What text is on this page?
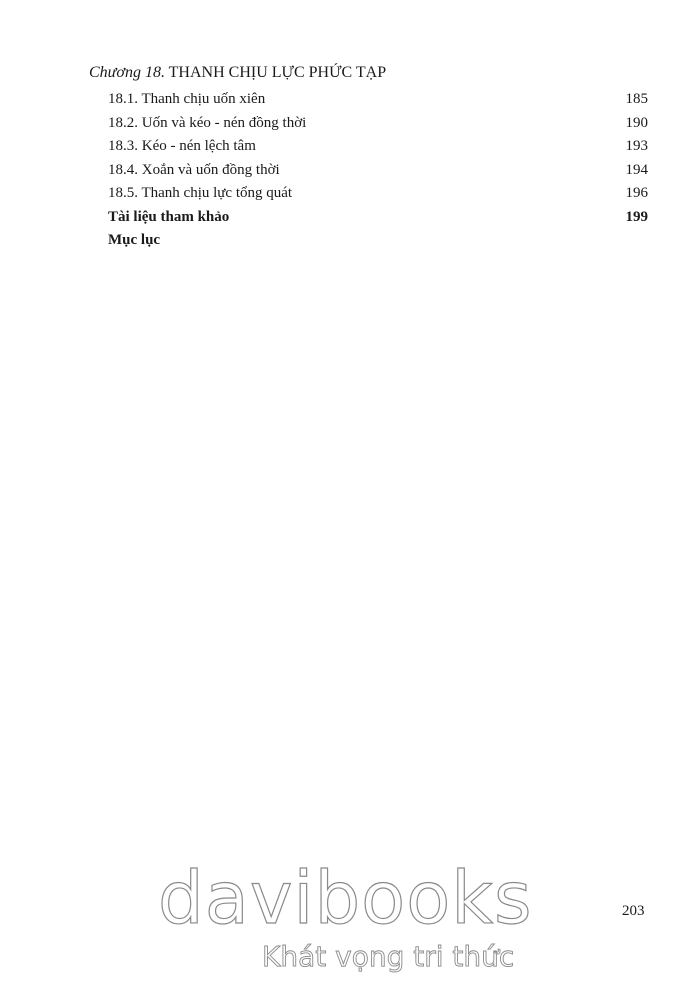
Chương 18. THANH CHỊU LỰC PHỨC TẠP
18.1. Thanh chịu uốn xiên	185
18.2. Uốn và kéo - nén đồng thời	190
18.3. Kéo - nén lệch tâm	193
18.4. Xoắn và uốn đồng thời	194
18.5. Thanh chịu lực tổng quát	196
Tài liệu tham khảo	199
Mục lục
davibooks
Khát vọng tri thức
203
